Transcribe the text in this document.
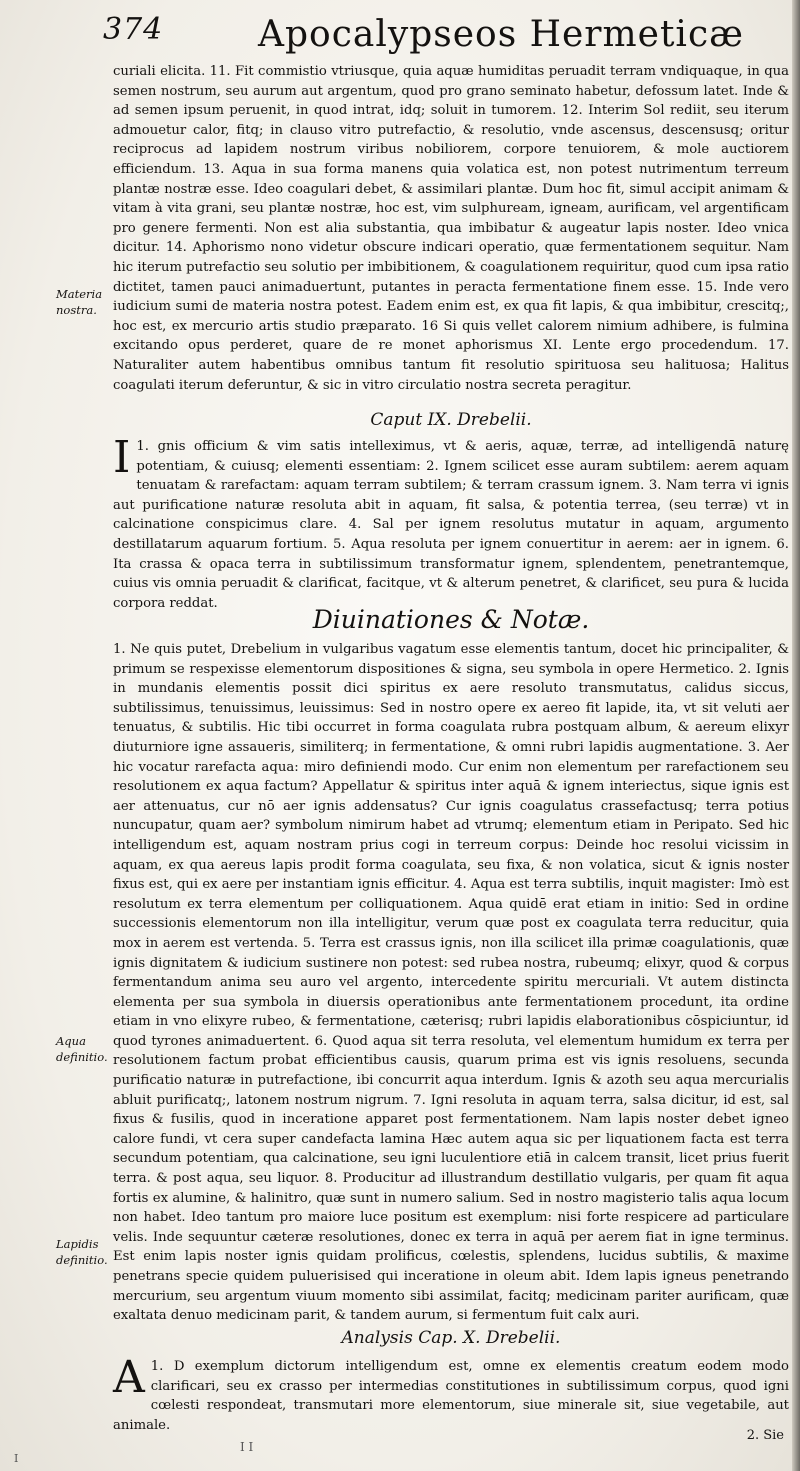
374	Apocalypseos Hermeticæ
curiali elicita. 11. Fit commistio vtriusque, quia aquæ humiditas peruadit terram vndiquaque, in qua semen nostrum, seu aurum aut argentum, quod pro grano seminato habetur, defossum latet. Inde & ad semen ipsum peruenit, in quod intrat, idq; soluit in tumorem. 12. Interim Sol rediit, seu iterum admouetur calor, fitq; in clauso vitro putrefactio, & resolutio, vnde ascensus, descensusq; oritur reciprocus ad lapidem nostrum viribus nobiliorem, corpore tenuiorem, & mole auctiorem efficiendum. 13. Aqua in sua forma manens quia volatica est, non potest nutrimentum terreum plantæ nostræ esse. Ideo coagulari debet, & assimilari plantæ. Dum hoc fit, simul accipit animam & vitam à vita grani, seu plantæ nostræ, hoc est, vim sulphuream, igneam, aurificam, vel argentificam pro genere fermenti. Non est alia substantia, qua imbibatur & augeatur lapis noster. Ideo vnica dicitur. 14. Aphorismo nono videtur obscure indicari operatio, quæ fermentationem sequitur. Nam hic iterum putrefactio seu solutio per imbibitionem, & coagulationem requiritur, quod cum ipsa ratio dictitet, tamen pauci animaduertunt, putantes in peracta fermentatione finem esse. 15. Inde vero iudicium sumi de materia nostra potest. Eadem enim est, ex qua fit lapis, & qua imbibitur, crescitq;, hoc est, ex mercurio artis studio præparato. 16 Si quis vellet calorem nimium adhibere, is fulmina excitando opus perderet, quare de re monet aphorismus XI. Lente ergo procedendum. 17. Naturaliter autem habentibus omnibus tantum fit resolutio spirituosa seu halituosa; Halitus coagulati iterum deferuntur, & sic in vitro circulatio nostra secreta peragitur.
Materia nostra.
Caput IX. Drebelii.
1.
I gnis officium & vim satis intelleximus, vt & aeris, aquæ, terræ, ad intelligendā naturę potentiam, & cuiusq; elementi essentiam: 2. Ignem scilicet esse auram subtilem: aerem aquam tenuatam & rarefactam: aquam terram subtilem; & terram crassum ignem. 3. Nam terra vi ignis aut purificatione naturæ resoluta abit in aquam, fit salsa, & potentia terrea, (seu terræ) vt in calcinatione conspicimus clare. 4. Sal per ignem resolutus mutatur in aquam, argumento destillatarum aquarum fortium. 5. Aqua resoluta per ignem conuertitur in aerem: aer in ignem. 6. Ita crassa & opaca terra in subtilissimum transformatur ignem, splendentem, penetrantemque, cuius vis omnia peruadit & clarificat, facitque, vt & alterum penetret, & clarificet, seu pura & lucida corpora reddat.
Diuinationes & Notæ.
1. Ne quis putet, Drebelium in vulgaribus vagatum esse elementis tantum, docet hic principaliter, & primum se respexisse elementorum dispositiones & signa, seu symbola in opere Hermetico. 2. Ignis in mundanis elementis possit dici spiritus ex aere resoluto transmutatus, calidus siccus, subtilissimus, tenuissimus, leuissimus: Sed in nostro opere ex aereo fit lapide, ita, vt sit veluti aer tenuatus, & subtilis. Hic tibi occurret in forma coagulata rubra postquam album, & aereum elixyr diuturniore igne assaueris, similiterq; in fermentatione, & omni rubri lapidis augmentatione. 3. Aer hic vocatur rarefacta aqua: miro definiendi modo. Cur enim non elementum per rarefactionem seu resolutionem ex aqua factum? Appellatur & spiritus inter aquā & ignem interiectus, sique ignis est aer attenuatus, cur nō aer ignis addensatus? Cur ignis coagulatus crassefactusq; terra potius nuncupatur, quam aer? symbolum nimirum habet ad vtrumq; elementum etiam in Peripato. Sed hic intelligendum est, aquam nostram prius cogi in terreum corpus: Deinde hoc resolui vicissim in aquam, ex qua aereus lapis prodit forma coagulata, seu fixa, & non volatica, sicut & ignis noster fixus est, qui ex aere per instantiam ignis efficitur. 4. Aqua est terra subtilis, inquit magister: Imò est resolutum ex terra elementum per colliquationem. Aqua quidē erat etiam in initio: Sed in ordine successionis elementorum non illa intelligitur, verum quæ post ex coagulata terra reducitur, quia mox in aerem est vertenda. 5. Terra est crassus ignis, non illa scilicet illa primæ coagulationis, quæ ignis dignitatem & iudicium sustinere non potest: sed rubea nostra, rubeumq; elixyr, quod & corpus fermentandum anima seu auro vel argento, intercedente spiritu mercuriali. Vt autem distincta elementa per sua symbola in diuersis operationibus ante fermentationem procedunt, ita ordine etiam in vno elixyre rubeo, & fermentatione, cæterisq; rubri lapidis elaborationibus cōspiciuntur, id quod tyrones animaduertent. 6. Quod aqua sit terra resoluta, vel elementum humidum ex terra per resolutionem factum probat efficientibus causis, quarum prima est vis ignis resoluens, secunda purificatio naturæ in putrefactione, ibi concurrit aqua interdum. Ignis & azoth seu aqua mercurialis abluit purificatq;, latonem nostrum nigrum. 7. Igni resoluta in aquam terra, salsa dicitur, id est, sal fixus & fusilis, quod in inceratione apparet post fermentationem. Nam lapis noster debet igneo calore fundi, vt cera super candefacta lamina Hæc autem aqua sic per liquationem facta est terra secundum potentiam, qua calcinatione, seu igni luculentiore etiā in calcem transit, licet prius fuerit terra. & post aqua, seu liquor. 8. Producitur ad illustrandum destillatio vulgaris, per quam fit aqua fortis ex alumine, & halinitro, quæ sunt in numero salium. Sed in nostro magisterio talis aqua locum non habet. Ideo tantum pro maiore luce positum est exemplum: nisi forte respicere ad particulare velis. Inde sequuntur cæteræ resolutiones, donec ex terra in aquā per aerem fiat in igne terminus. Est enim lapis noster ignis quidam prolificus, cœlestis, splendens, lucidus subtilis, & maxime penetrans specie quidem puluerisised qui inceratione in oleum abit. Idem lapis igneus penetrando mercurium, seu argentum viuum momento sibi assimilat, facitq; medicinam pariter aurificam, quæ exaltata denuo medicinam parit, & tandem aurum, si fermentum fuit calx auri.
Aqua definitio.
Lapidis definitio.
Analysis Cap. X. Drebelii.
1.
A D exemplum dictorum intelligendum est, omne ex elementis creatum eodem modo clarificari, seu ex crasso per intermedias constitutiones in subtilissimum corpus, quod igni cœlesti respondeat, transmutari more elementorum, siue minerale sit, siue vegetabile, aut animale.
2. Sie
I I
I
